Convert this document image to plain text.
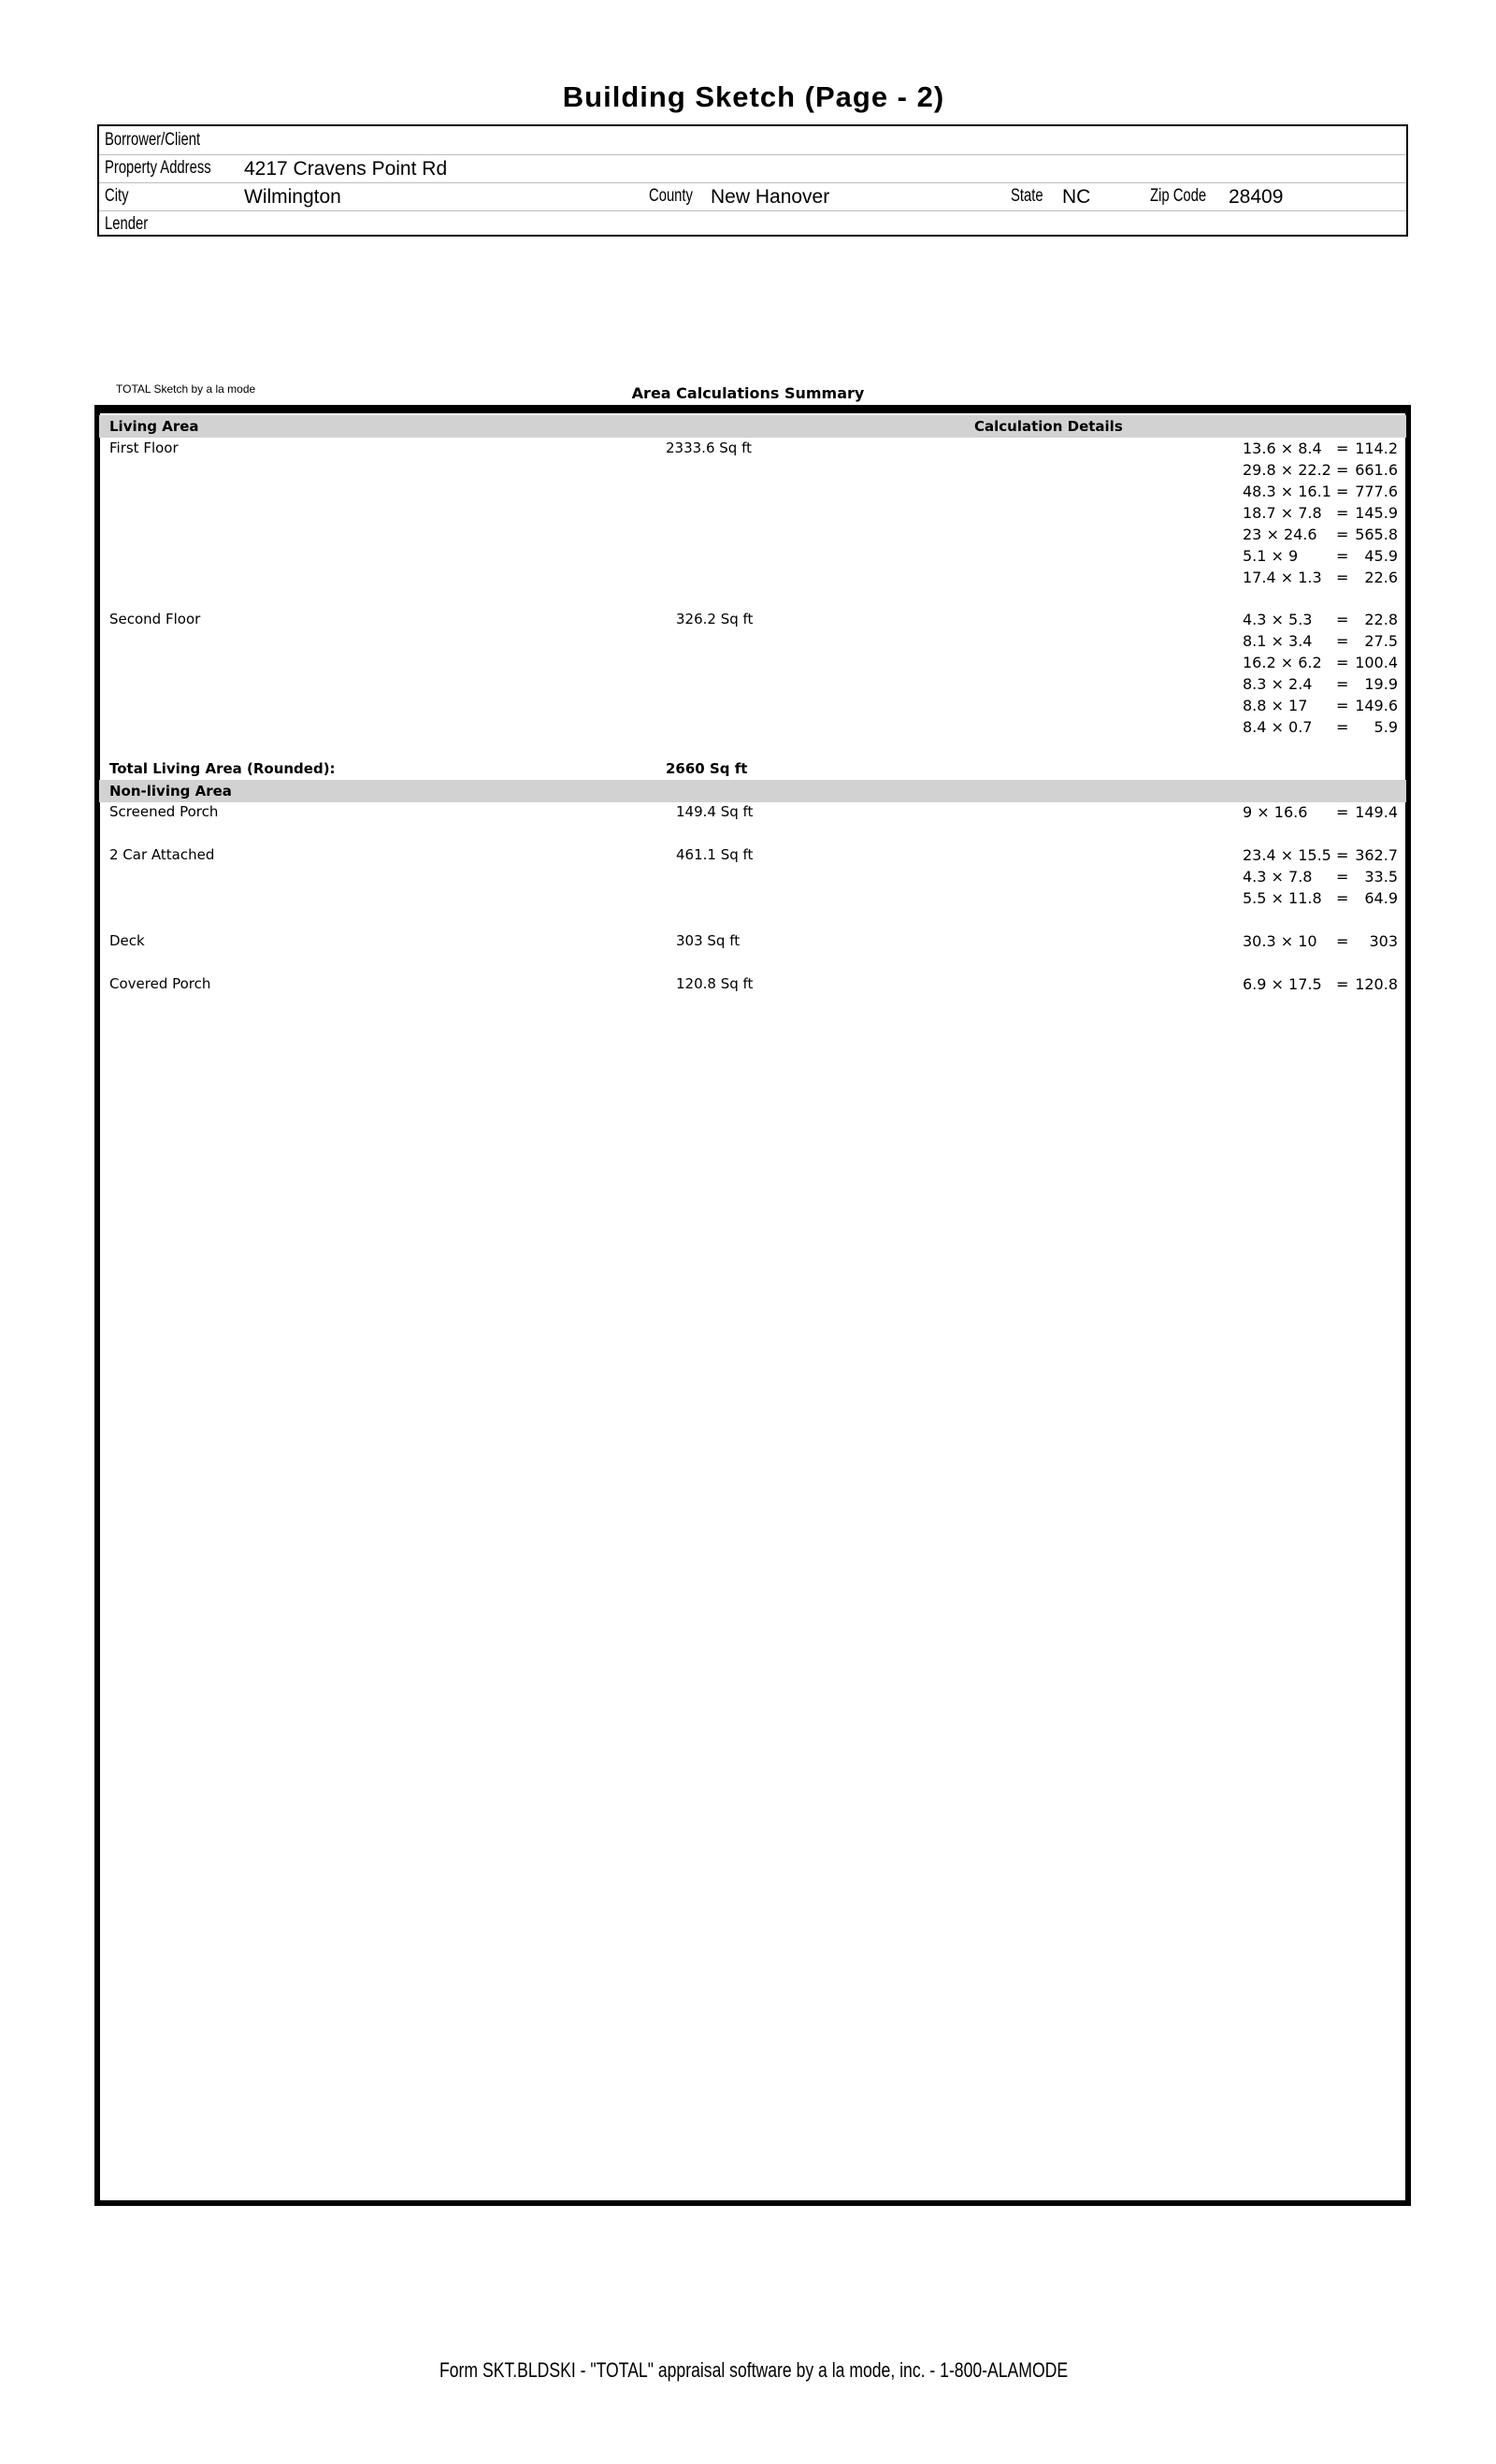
Building Sketch (Page - 2)
Borrower/Client
Property Address 4217 Cravens Point Rd
City	Wilmington	County New Hanover	State NC	Zip Code 28409
Lender
TOTAL Sketch by a la mode	Area Calculations Summary
Living Area	Calculation Details
First Floor	2333.6 Sq ft	13.6 × 8.4 = 114.2
29.8 × 22.2 = 661.6
48.3 × 16.1 = 777.6
18.7 × 7.8 = 145.9
23 × 24.6 = 565.8
5.1 × 9	= 45.9
17.4 × 1.3 = 22.6
Second Floor	326.2 Sq ft	4.3 × 5.3 = 22.8
8.1 × 3.4 = 27.5
16.2 × 6.2 = 100.4
8.3 × 2.4 = 19.9
8.8 × 17 = 149.6
8.4 × 0.7 = 5.9
Total Living Area (Rounded):	2660 Sq ft
Non-living Area
Screened Porch	149.4 Sq ft	9 × 16.6 = 149.4
2 Car Attached	461.1 Sq ft	23.4 × 15.5 = 362.7
4.3 × 7.8 = 33.5
5.5 × 11.8 = 64.9
Deck	303 Sq ft	30.3 × 10 = 303
Covered Porch	120.8 Sq ft	6.9 × 17.5 = 120.8
Form SKT.BLDSKI - "TOTAL" appraisal software by a la mode, inc. - 1-800-ALAMODE
